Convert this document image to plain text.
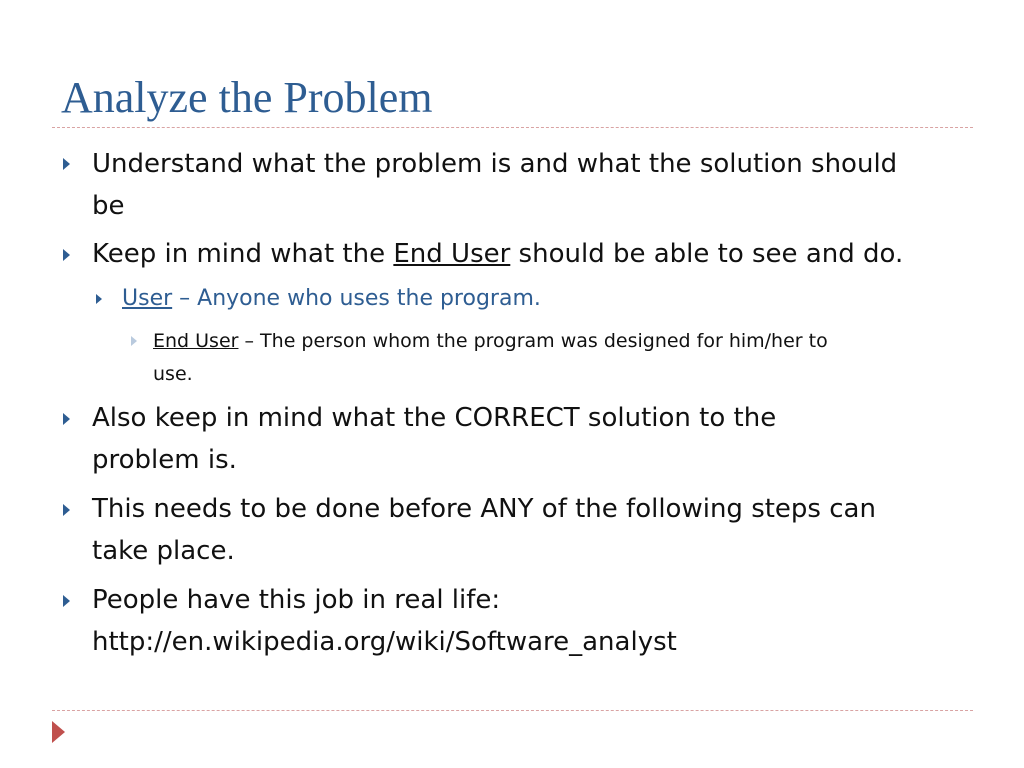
Analyze the Problem

Understand what the problem is and what the solution should

be

Keep in mind what the End User should be able to see and do.

User – Anyone who uses the program.

End User – The person whom the program was designed for him/her to

use.

Also keep in mind what the CORRECT solution to the

problem is.

This needs to be done before ANY of the following steps can

take place.

People have this job in real life:

http://en.wikipedia.org/wiki/Software_analyst
